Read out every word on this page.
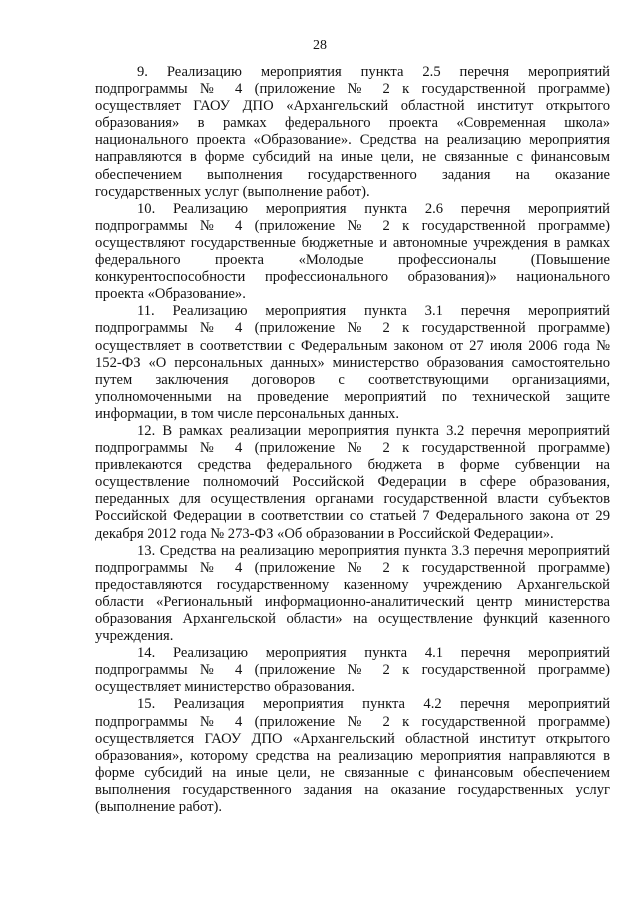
28

9. Реализацию мероприятия пункта 2.5 перечня мероприятий подпрограммы № 4 (приложение № 2 к государственной программе) осуществляет ГАОУ ДПО «Архангельский областной институт открытого образования» в рамках федерального проекта «Современная школа» национального проекта «Образование». Средства на реализацию мероприятия направляются в форме субсидий на иные цели, не связанные с финансовым обеспечением выполнения государственного задания на оказание государственных услуг (выполнение работ).

10. Реализацию мероприятия пункта 2.6 перечня мероприятий подпрограммы № 4 (приложение № 2 к государственной программе) осуществляют государственные бюджетные и автономные учреждения в рамках федерального проекта «Молодые профессионалы (Повышение конкурентоспособности профессионального образования)» национального проекта «Образование».

11. Реализацию мероприятия пункта 3.1 перечня мероприятий подпрограммы № 4 (приложение № 2 к государственной программе) осуществляет в соответствии с Федеральным законом от 27 июля 2006 года № 152-ФЗ «О персональных данных» министерство образования самостоятельно путем заключения договоров с соответствующими организациями, уполномоченными на проведение мероприятий по технической защите информации, в том числе персональных данных.

12. В рамках реализации мероприятия пункта 3.2 перечня мероприятий подпрограммы № 4 (приложение № 2 к государственной программе) привлекаются средства федерального бюджета в форме субвенции на осуществление полномочий Российской Федерации в сфере образования, переданных для осуществления органами государственной власти субъектов Российской Федерации в соответствии со статьей 7 Федерального закона от 29 декабря 2012 года № 273-ФЗ «Об образовании в Российской Федерации».

13. Средства на реализацию мероприятия пункта 3.3 перечня мероприятий подпрограммы № 4 (приложение № 2 к государственной программе) предоставляются государственному казенному учреждению Архангельской области «Региональный информационно-аналитический центр министерства образования Архангельской области» на осуществление функций казенного учреждения.

14. Реализацию мероприятия пункта 4.1 перечня мероприятий подпрограммы № 4 (приложение № 2 к государственной программе) осуществляет министерство образования.

15. Реализация мероприятия пункта 4.2 перечня мероприятий подпрограммы № 4 (приложение № 2 к государственной программе) осуществляется ГАОУ ДПО «Архангельский областной институт открытого образования», которому средства на реализацию мероприятия направляются в форме субсидий на иные цели, не связанные с финансовым обеспечением выполнения государственного задания на оказание государственных услуг (выполнение работ).
